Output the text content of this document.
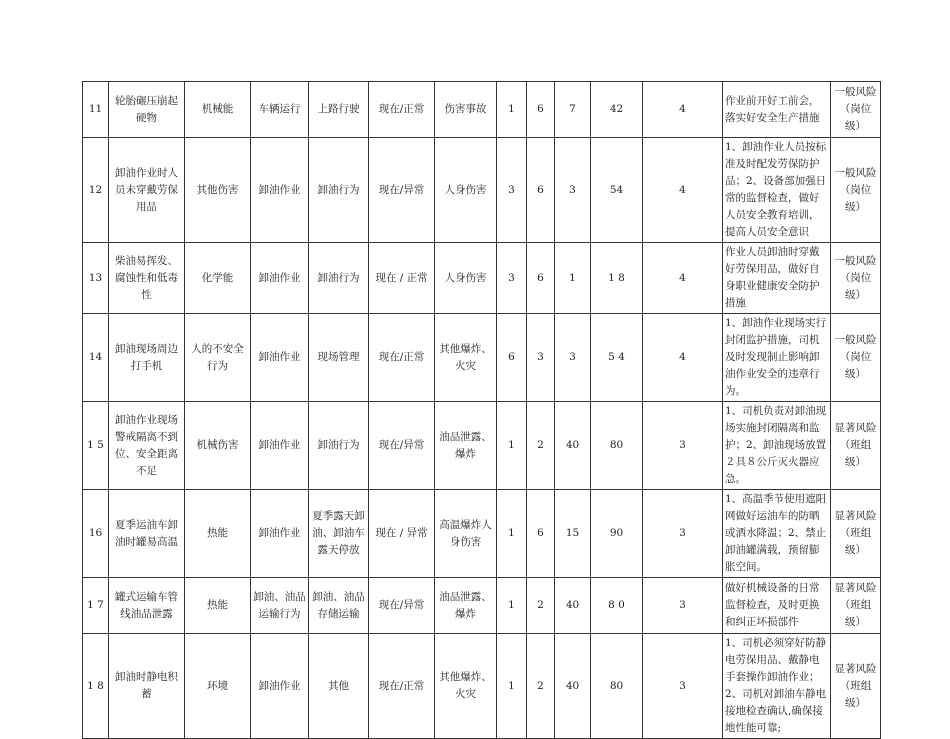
11	轮胎碾压崩起硬物	机械能	车辆运行	上路行驶	现在/正常	伤害事故	1	6	7	42	4	作业前开好工前会，落实好安全生产措施	一般风险（岗位级）
12	卸油作业时人员未穿戴劳保用品	其他伤害	卸油作业	卸油行为	现在/异常	人身伤害	3	6	3	54	4	1、卸油作业人员按标准及时配发劳保防护品；2、设备部加强日常的监督检查，做好人员安全教育培训，提高人员安全意识	一般风险（岗位级）
13	柴油易挥发、腐蚀性和低毒性	化学能	卸油作业	卸油行为	现在 / 正常	人身伤害	3	6	1	1 8	4	作业人员卸油时穿戴好劳保用品，做好自身职业健康安全防护措施	一般风险（岗位级）
14	卸油现场周边打手机	人的不安全行为	卸油作业	现场管理	现在/正常	其他爆炸、火灾	6	3	3	5 4	4	1、卸油作业现场实行封闭监护措施，司机及时发现制止影响卸油作业安全的违章行为。	一般风险（岗位级）
1 5	卸油作业现场警戒隔离不到位、安全距离不足	机械伤害	卸油作业	卸油行为	现在/异常	油品泄露、爆炸	1	2	40	80	3	1、司机负责对卸油现场实施封闭隔离和监护；2、卸油现场放置２具８公斤灭火器应急。	显著风险（班组级）
16	夏季运油车卸油时罐易高温	热能	卸油作业	夏季露天卸油、卸油车露天停放	现在 / 异常	高温爆炸人身伤害	1	6	15	90	3	1、高温季节使用遮阳网做好运油车的防晒或洒水降温；2、禁止卸油罐满载，预留膨胀空间。	显著风险（班组级）
1 7	罐式运输车管线油品泄露	热能	卸油、油品运输行为	卸油、油品存储运输	现在/异常	油品泄露、爆炸	1	2	40	8 0	3	做好机械设备的日常监督检查，及时更换和纠正坏损部件	显著风险（班组级）
1 8	卸油时静电积蓄	环境	卸油作业	其他	现在/正常	其他爆炸、火灾	1	2	40	80	3	1、司机必须穿好防静电劳保用品、戴静电手套操作卸油作业；2、司机对卸油车静电接地检查确认,确保接地性能可靠;	显著风险（班组级）
